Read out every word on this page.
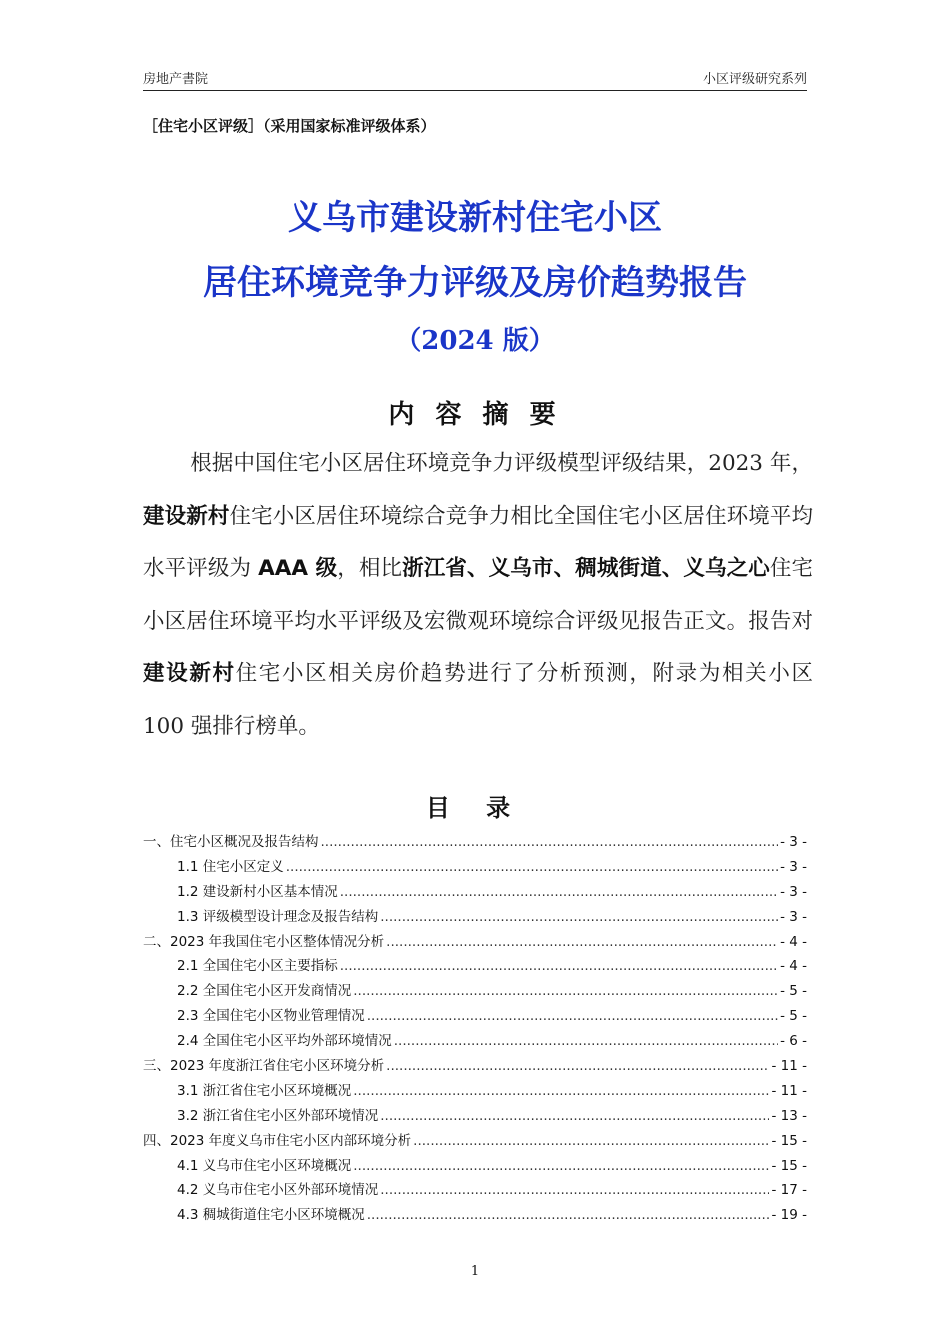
房地产書院	小区评级研究系列
［住宅小区评级］（采用国家标准评级体系）
义乌市建设新村住宅小区
居住环境竞争力评级及房价趋势报告
（2024 版）
内 容 摘 要
根据中国住宅小区居住环境竞争力评级模型评级结果，2023 年，建设新村住宅小区居住环境综合竞争力相比全国住宅小区居住环境平均水平评级为 AAA 级，相比浙江省、义乌市、稠城街道、义乌之心住宅小区居住环境平均水平评级及宏微观环境综合评级见报告正文。报告对建设新村住宅小区相关房价趋势进行了分析预测，附录为相关小区 100 强排行榜单。
目 录
一、住宅小区概况及报告结构 .....	- 3 -
1.1 住宅小区定义 .....	- 3 -
1.2 建设新村小区基本情况 .....	- 3 -
1.3 评级模型设计理念及报告结构 .....	- 3 -
二、2023 年我国住宅小区整体情况分析 .....	- 4 -
2.1 全国住宅小区主要指标 .....	- 4 -
2.2 全国住宅小区开发商情况 .....	- 5 -
2.3 全国住宅小区物业管理情况 .....	- 5 -
2.4 全国住宅小区平均外部环境情况 .....	- 6 -
三、2023 年度浙江省住宅小区环境分析 .....	- 11 -
3.1 浙江省住宅小区环境概况 .....	- 11 -
3.2 浙江省住宅小区外部环境情况 .....	- 13 -
四、2023 年度义乌市住宅小区内部环境分析 .....	- 15 -
4.1 义乌市住宅小区环境概况 .....	- 15 -
4.2 义乌市住宅小区外部环境情况 .....	- 17 -
4.3 稠城街道住宅小区环境概况 .....	- 19 -
1
